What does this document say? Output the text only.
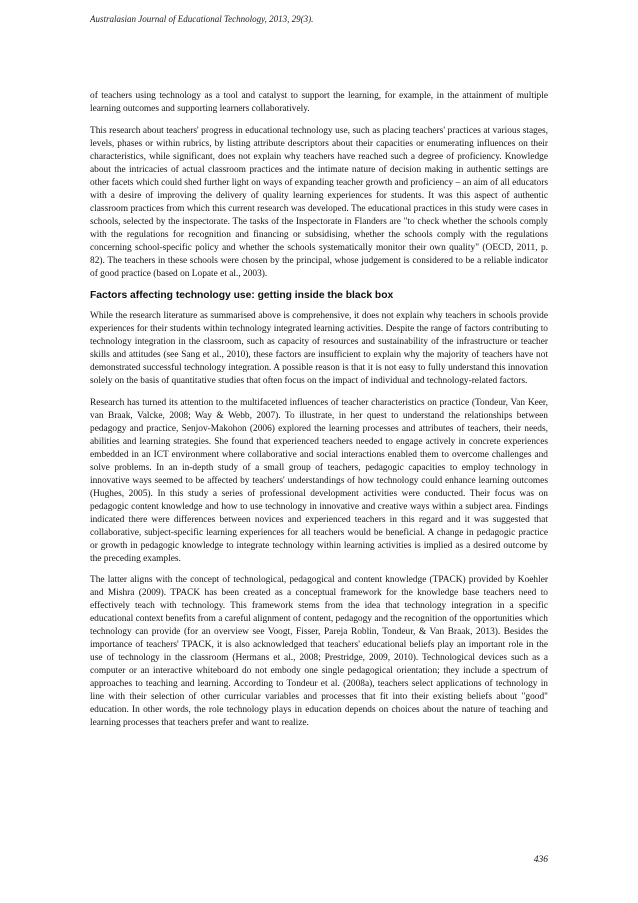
Australasian Journal of Educational Technology, 2013, 29(3).

of teachers using technology as a tool and catalyst to support the learning, for example, in the attainment of multiple learning outcomes and supporting learners collaboratively.

This research about teachers' progress in educational technology use, such as placing teachers' practices at various stages, levels, phases or within rubrics, by listing attribute descriptors about their capacities or enumerating influences on their characteristics, while significant, does not explain why teachers have reached such a degree of proficiency. Knowledge about the intricacies of actual classroom practices and the intimate nature of decision making in authentic settings are other facets which could shed further light on ways of expanding teacher growth and proficiency – an aim of all educators with a desire of improving the delivery of quality learning experiences for students. It was this aspect of authentic classroom practices from which this current research was developed. The educational practices in this study were cases in schools, selected by the inspectorate. The tasks of the Inspectorate in Flanders are "to check whether the schools comply with the regulations for recognition and financing or subsidising, whether the schools comply with the regulations concerning school-specific policy and whether the schools systematically monitor their own quality" (OECD, 2011, p. 82). The teachers in these schools were chosen by the principal, whose judgement is considered to be a reliable indicator of good practice (based on Lopate et al., 2003).

Factors affecting technology use: getting inside the black box

While the research literature as summarised above is comprehensive, it does not explain why teachers in schools provide experiences for their students within technology integrated learning activities. Despite the range of factors contributing to technology integration in the classroom, such as capacity of resources and sustainability of the infrastructure or teacher skills and attitudes (see Sang et al., 2010), these factors are insufficient to explain why the majority of teachers have not demonstrated successful technology integration. A possible reason is that it is not easy to fully understand this innovation solely on the basis of quantitative studies that often focus on the impact of individual and technology-related factors.

Research has turned its attention to the multifaceted influences of teacher characteristics on practice (Tondeur, Van Keer, van Braak, Valcke, 2008; Way & Webb, 2007). To illustrate, in her quest to understand the relationships between pedagogy and practice, Senjov-Makohon (2006) explored the learning processes and attributes of teachers, their needs, abilities and learning strategies. She found that experienced teachers needed to engage actively in concrete experiences embedded in an ICT environment where collaborative and social interactions enabled them to overcome challenges and solve problems. In an in-depth study of a small group of teachers, pedagogic capacities to employ technology in innovative ways seemed to be affected by teachers' understandings of how technology could enhance learning outcomes (Hughes, 2005). In this study a series of professional development activities were conducted. Their focus was on pedagogic content knowledge and how to use technology in innovative and creative ways within a subject area. Findings indicated there were differences between novices and experienced teachers in this regard and it was suggested that collaborative, subject-specific learning experiences for all teachers would be beneficial. A change in pedagogic practice or growth in pedagogic knowledge to integrate technology within learning activities is implied as a desired outcome by the preceding examples.

The latter aligns with the concept of technological, pedagogical and content knowledge (TPACK) provided by Koehler and Mishra (2009). TPACK has been created as a conceptual framework for the knowledge base teachers need to effectively teach with technology. This framework stems from the idea that technology integration in a specific educational context benefits from a careful alignment of content, pedagogy and the recognition of the opportunities which technology can provide (for an overview see Voogt, Fisser, Pareja Roblin, Tondeur, & Van Braak, 2013). Besides the importance of teachers' TPACK, it is also acknowledged that teachers' educational beliefs play an important role in the use of technology in the classroom (Hermans et al., 2008; Prestridge, 2009, 2010). Technological devices such as a computer or an interactive whiteboard do not embody one single pedagogical orientation; they include a spectrum of approaches to teaching and learning. According to Tondeur et al. (2008a), teachers select applications of technology in line with their selection of other curricular variables and processes that fit into their existing beliefs about "good" education. In other words, the role technology plays in education depends on choices about the nature of teaching and learning processes that teachers prefer and want to realize.

436
